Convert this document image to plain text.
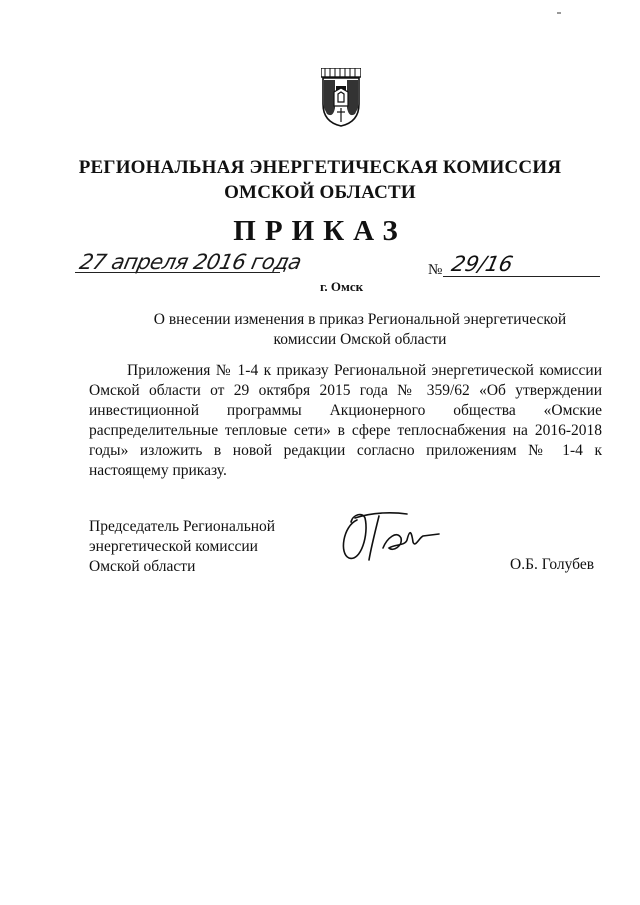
РЕГИОНАЛЬНАЯ ЭНЕРГЕТИЧЕСКАЯ КОМИССИЯ
ОМСКОЙ ОБЛАСТИ
ПРИКАЗ
27 апреля 2016 года
г. Омск
№ 29/16
О внесении изменения в приказ Региональной энергетической
комиссии Омской области

Приложения № 1-4 к приказу Региональной энергетической комиссии Омской области от 29 октября 2015 года № 359/62 «Об утверждении инвестиционной программы Акционерного общества «Омские распределительные тепловые сети» в сфере теплоснабжения на 2016-2018 годы» изложить в новой редакции согласно приложениям № 1-4 к настоящему приказу.

Председатель Региональной
энергетической комиссии
Омской области	О.Б. Голубев
